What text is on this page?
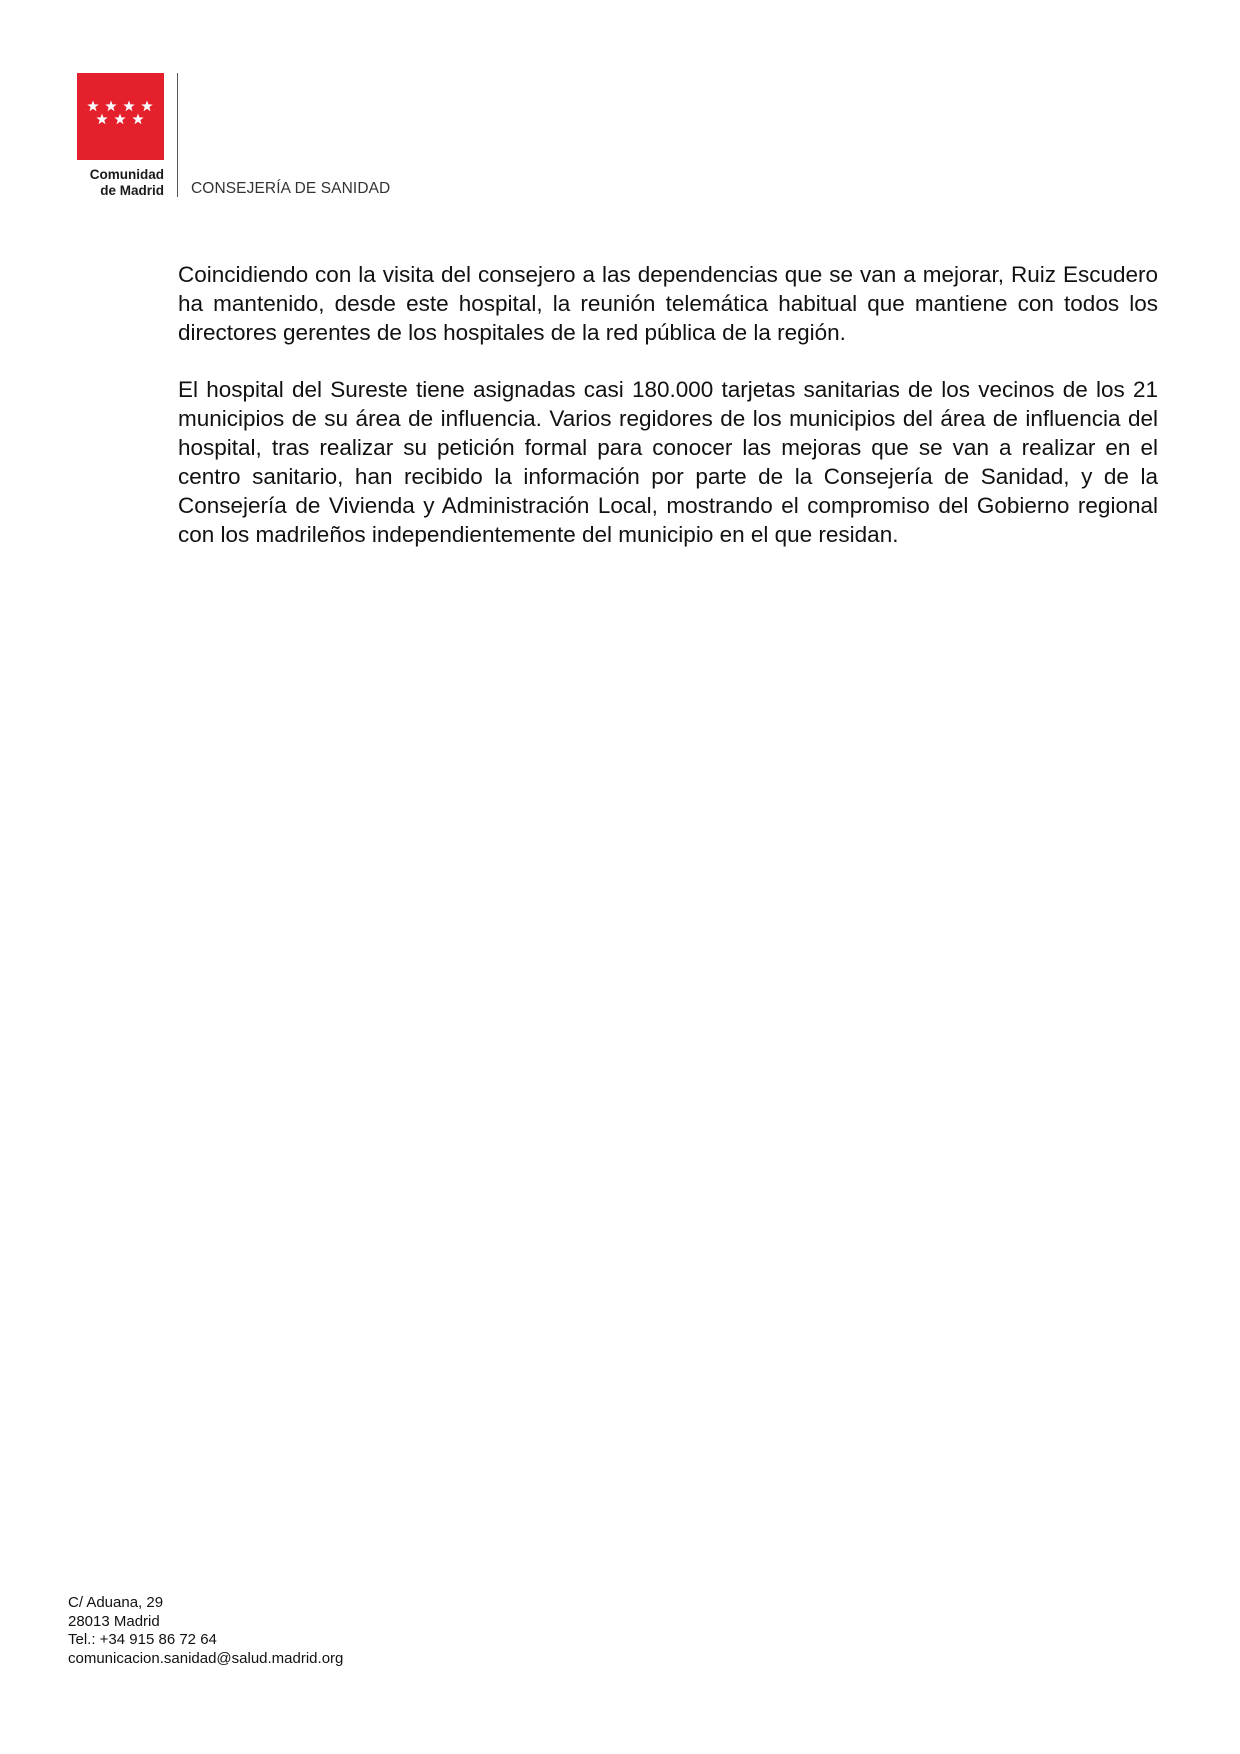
Comunidad
de Madrid CONSEJERÍA DE SANIDAD

Coincidiendo con la visita del consejero a las dependencias que se van a mejorar, Ruiz Escudero ha mantenido, desde este hospital, la reunión telemática habitual que mantiene con todos los directores gerentes de los hospitales de la red pública de la región.

El hospital del Sureste tiene asignadas casi 180.000 tarjetas sanitarias de los vecinos de los 21 municipios de su área de influencia. Varios regidores de los municipios del área de influencia del hospital, tras realizar su petición formal para conocer las mejoras que se van a realizar en el centro sanitario, han recibido la información por parte de la Consejería de Sanidad, y de la Consejería de Vivienda y Administración Local, mostrando el compromiso del Gobierno regional con los madrileños independientemente del municipio en el que residan.

C/ Aduana, 29
28013 Madrid
Tel.: +34 915 86 72 64
comunicacion.sanidad@salud.madrid.org
